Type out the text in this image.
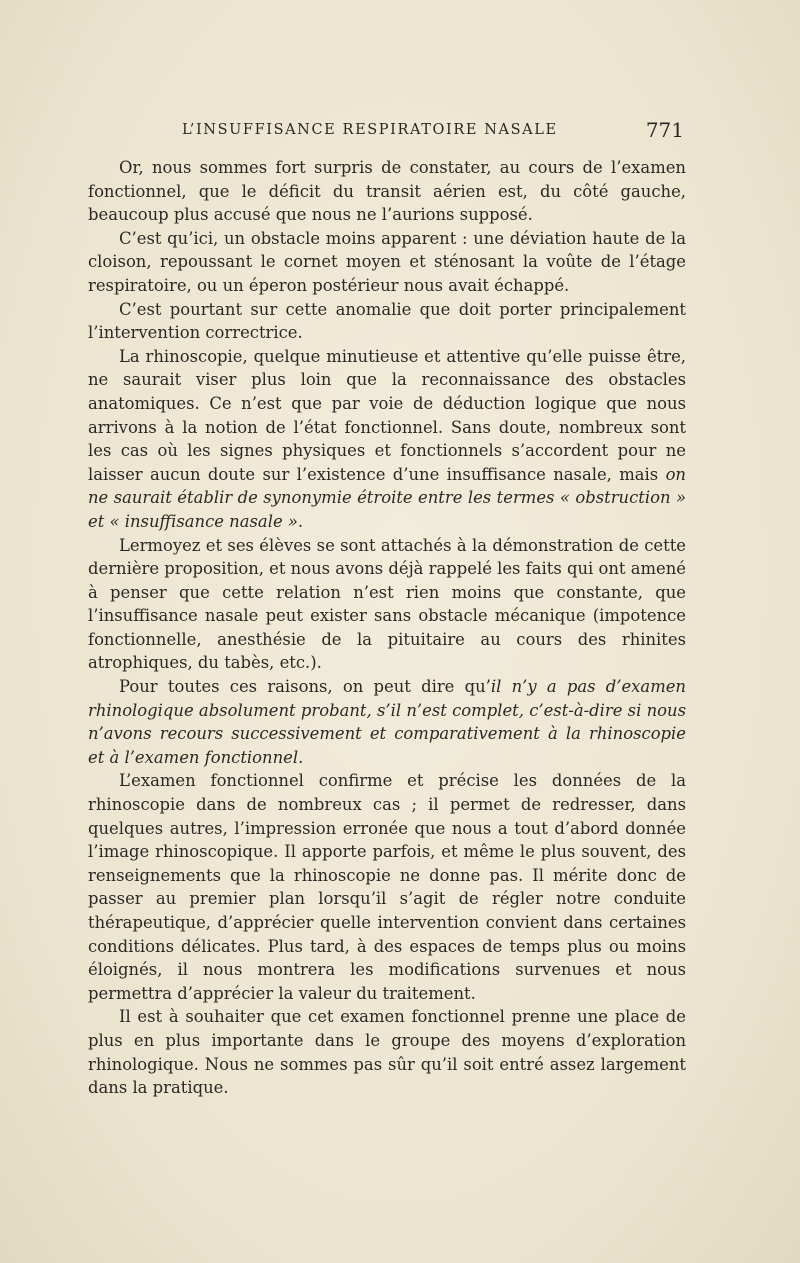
L’INSUFFISANCE RESPIRATOIRE NASALE	771

Or, nous sommes fort surpris de constater, au cours de l’examen fonctionnel, que le déficit du transit aérien est, du côté gauche, beaucoup plus accusé que nous ne l’aurions supposé.

C’est qu’ici, un obstacle moins apparent : une déviation haute de la cloison, repoussant le cornet moyen et sténosant la voûte de l’étage respiratoire, ou un éperon postérieur nous avait échappé.

C’est pourtant sur cette anomalie que doit porter principalement l’intervention correctrice.

La rhinoscopie, quelque minutieuse et attentive qu’elle puisse être, ne saurait viser plus loin que la reconnaissance des obstacles anatomiques. Ce n’est que par voie de déduction logique que nous arrivons à la notion de l’état fonctionnel. Sans doute, nombreux sont les cas où les signes physiques et fonctionnels s’accordent pour ne laisser aucun doute sur l’existence d’une insuffisance nasale, mais on ne saurait établir de synonymie étroite entre les termes « obstruction » et « insuffisance nasale ».

Lermoyez et ses élèves se sont attachés à la démonstration de cette dernière proposition, et nous avons déjà rappelé les faits qui ont amené à penser que cette relation n’est rien moins que constante, que l’insuffisance nasale peut exister sans obstacle mécanique (impotence fonctionnelle, anesthésie de la pituitaire au cours des rhinites atrophiques, du tabès, etc.).

Pour toutes ces raisons, on peut dire qu’il n’y a pas d’examen rhinologique absolument probant, s’il n’est complet, c’est-à-dire si nous n’avons recours successivement et comparativement à la rhinoscopie et à l’examen fonctionnel.

L’examen fonctionnel confirme et précise les données de la rhinoscopie dans de nombreux cas ; il permet de redresser, dans quelques autres, l’impression erronée que nous a tout d’abord donnée l’image rhinoscopique. Il apporte parfois, et même le plus souvent, des renseignements que la rhinoscopie ne donne pas. Il mérite donc de passer au premier plan lorsqu’il s’agit de régler notre conduite thérapeutique, d’apprécier quelle intervention convient dans certaines conditions délicates. Plus tard, à des espaces de temps plus ou moins éloignés, il nous montrera les modifications survenues et nous permettra d’apprécier la valeur du traitement.

Il est à souhaiter que cet examen fonctionnel prenne une place de plus en plus importante dans le groupe des moyens d’exploration rhinologique. Nous ne sommes pas sûr qu’il soit entré assez largement dans la pratique.
